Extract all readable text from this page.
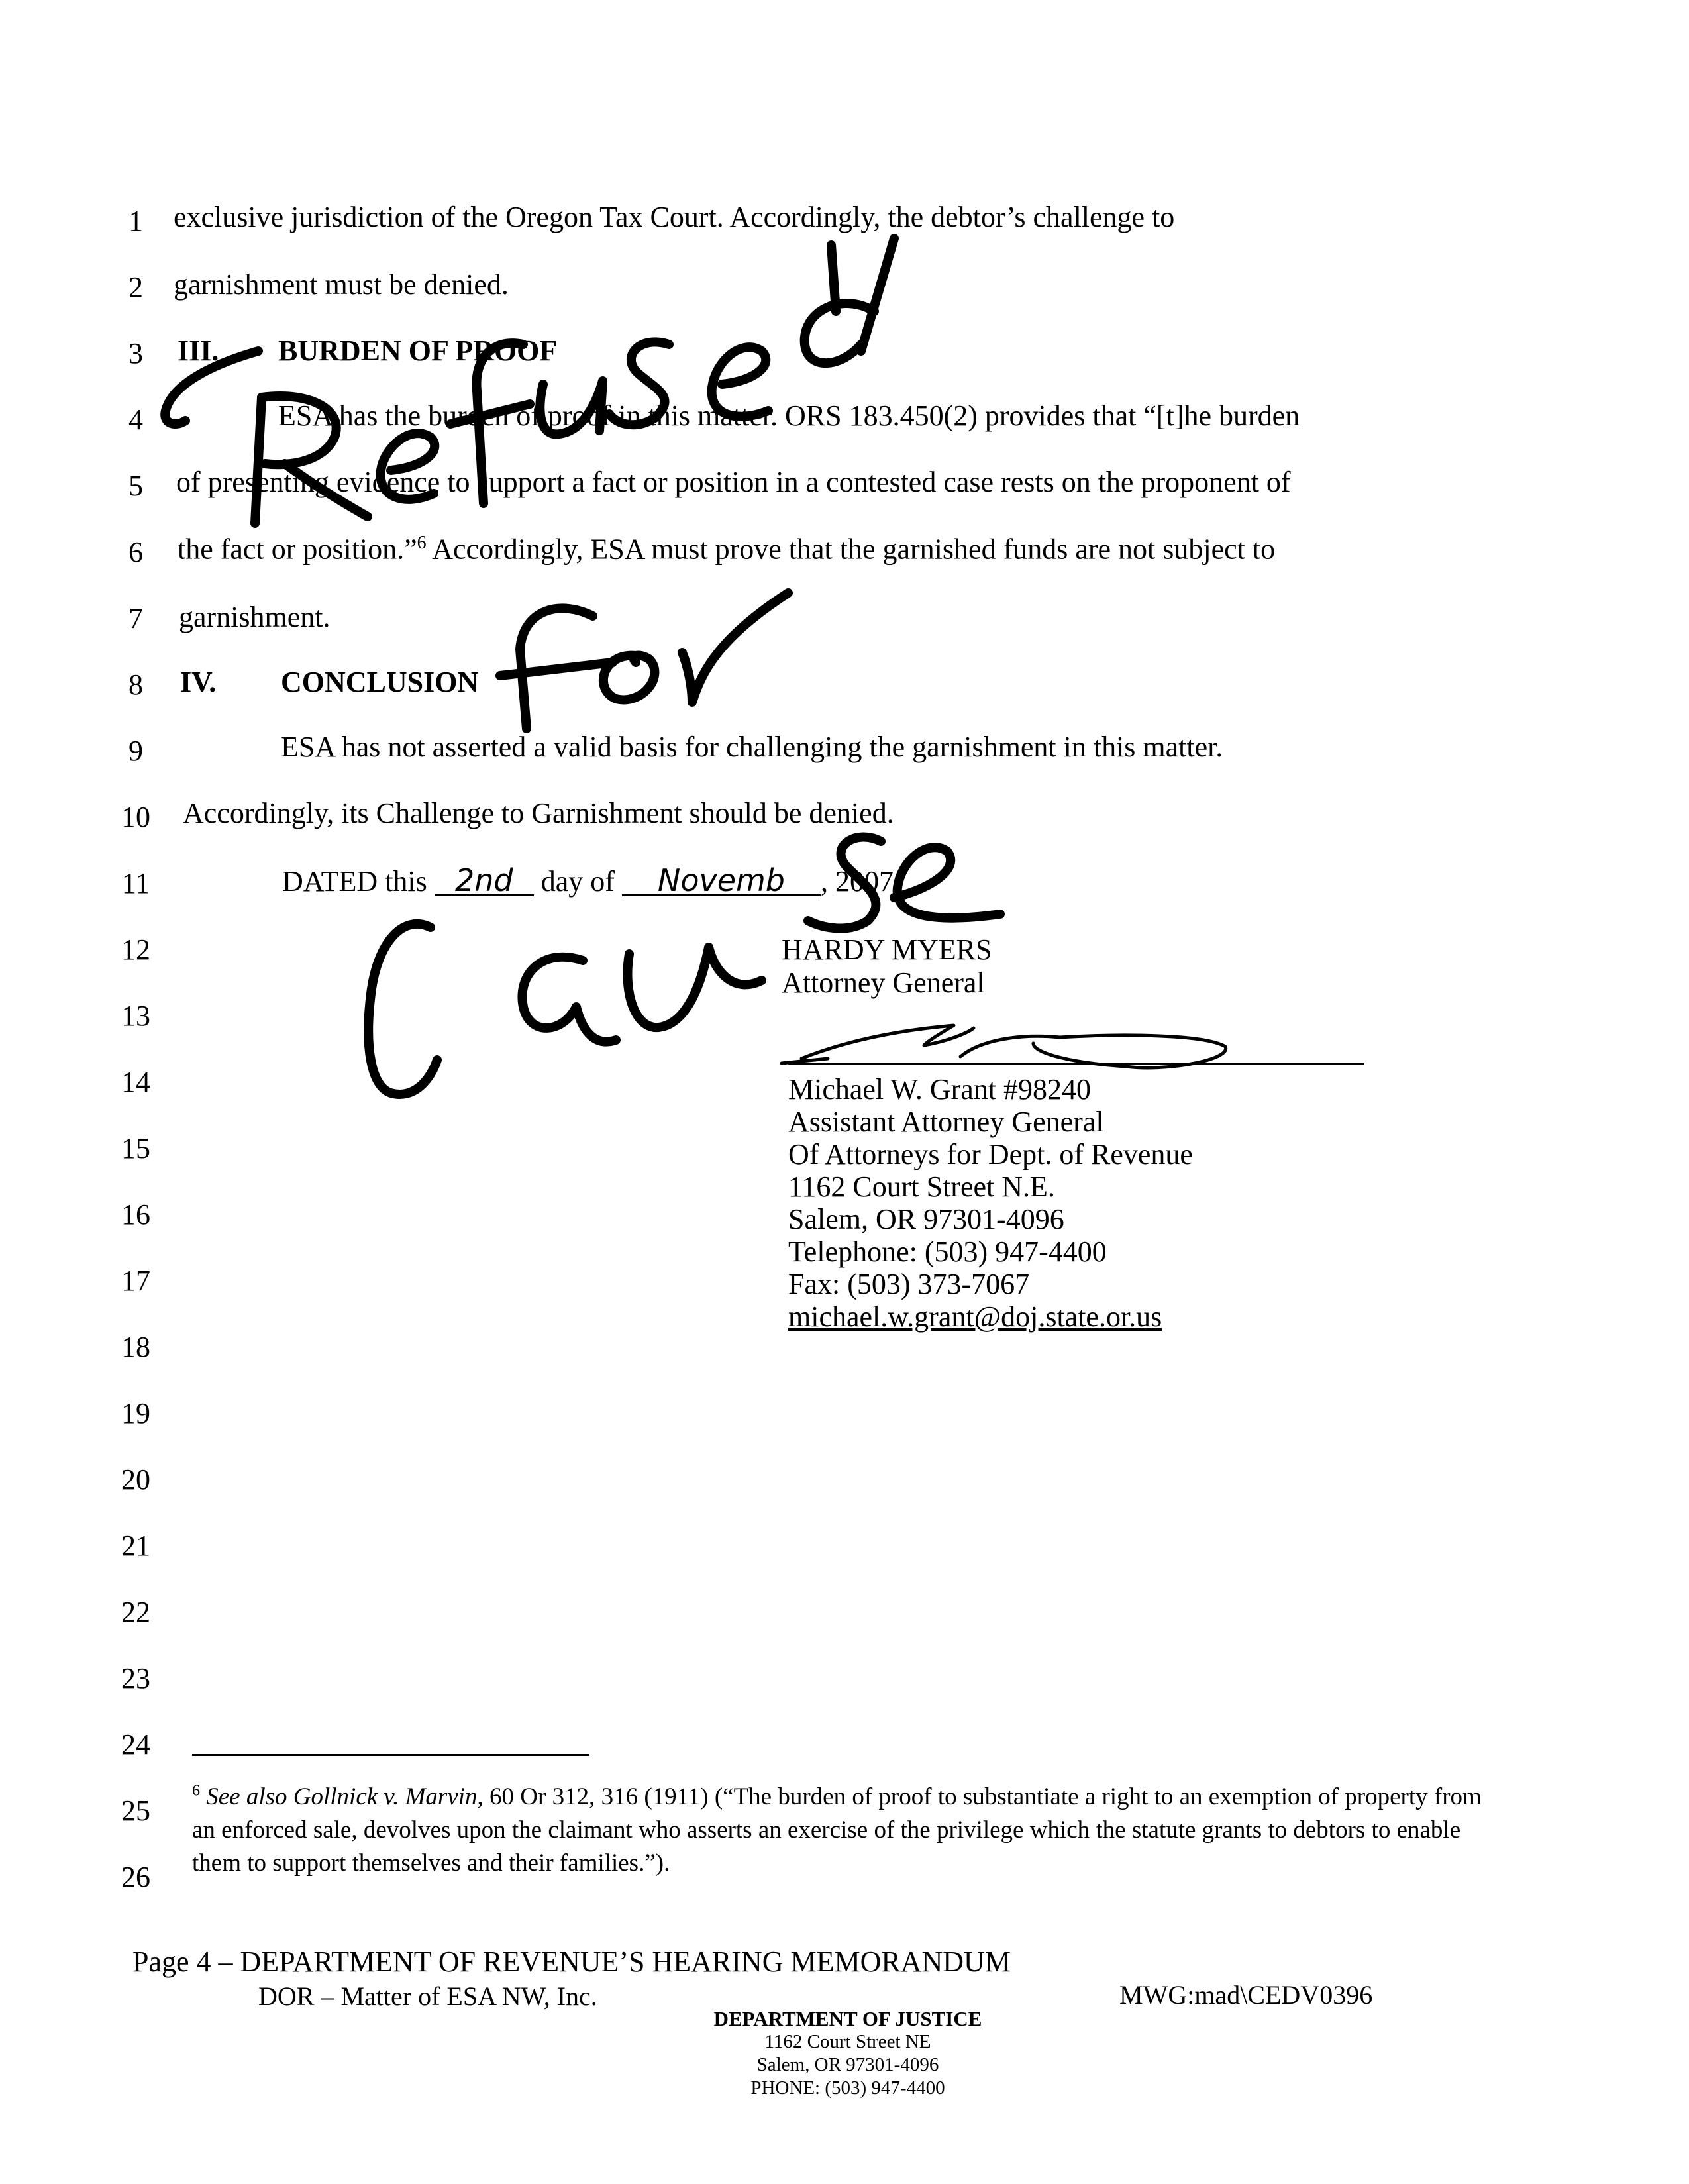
1
2
3
4
5
6
7
8
9
10
11
12
13
14
15
16
17
18
19
20
21
22
23
24
25
26
exclusive jurisdiction of the Oregon Tax Court. Accordingly, the debtor’s challenge to
garnishment must be denied.
III. BURDEN OF PROOF
ESA has the burden of proof in this matter. ORS 183.450(2) provides that “[t]he burden
of presenting evidence to support a fact or position in a contested case rests on the proponent of
the fact or position.”$^6$ Accordingly, ESA must prove that the garnished funds are not subject to
garnishment.
IV. CONCLUSION
ESA has not asserted a valid basis for challenging the garnishment in this matter.
Accordingly, its Challenge to Garnishment should be denied.
DATED this 2nd day of Novemb , 2007
HARDY MYERS
Attorney General
Michael W. Grant #98240
Assistant Attorney General
Of Attorneys for Dept. of Revenue
1162 Court Street N.E.
Salem, OR 97301-4096
Telephone: (503) 947-4400
Fax: (503) 373-7067
michael.w.grant@doj.state.or.us
$^6$ See also Gollnick v. Marvin, 60 Or 312, 316 (1911) (“The burden of proof to substantiate a right to an exemption of property from an enforced sale, devolves upon the claimant who asserts an exercise of the privilege which the statute grants to debtors to enable them to support themselves and their families.”).
Page 4 – DEPARTMENT OF REVENUE’S HEARING MEMORANDUM
DOR – Matter of ESA NW, Inc.	MWG:mad\CEDV0396
DEPARTMENT OF JUSTICE
1162 Court Street NE
Salem, OR 97301-4096
PHONE: (503) 947-4400
